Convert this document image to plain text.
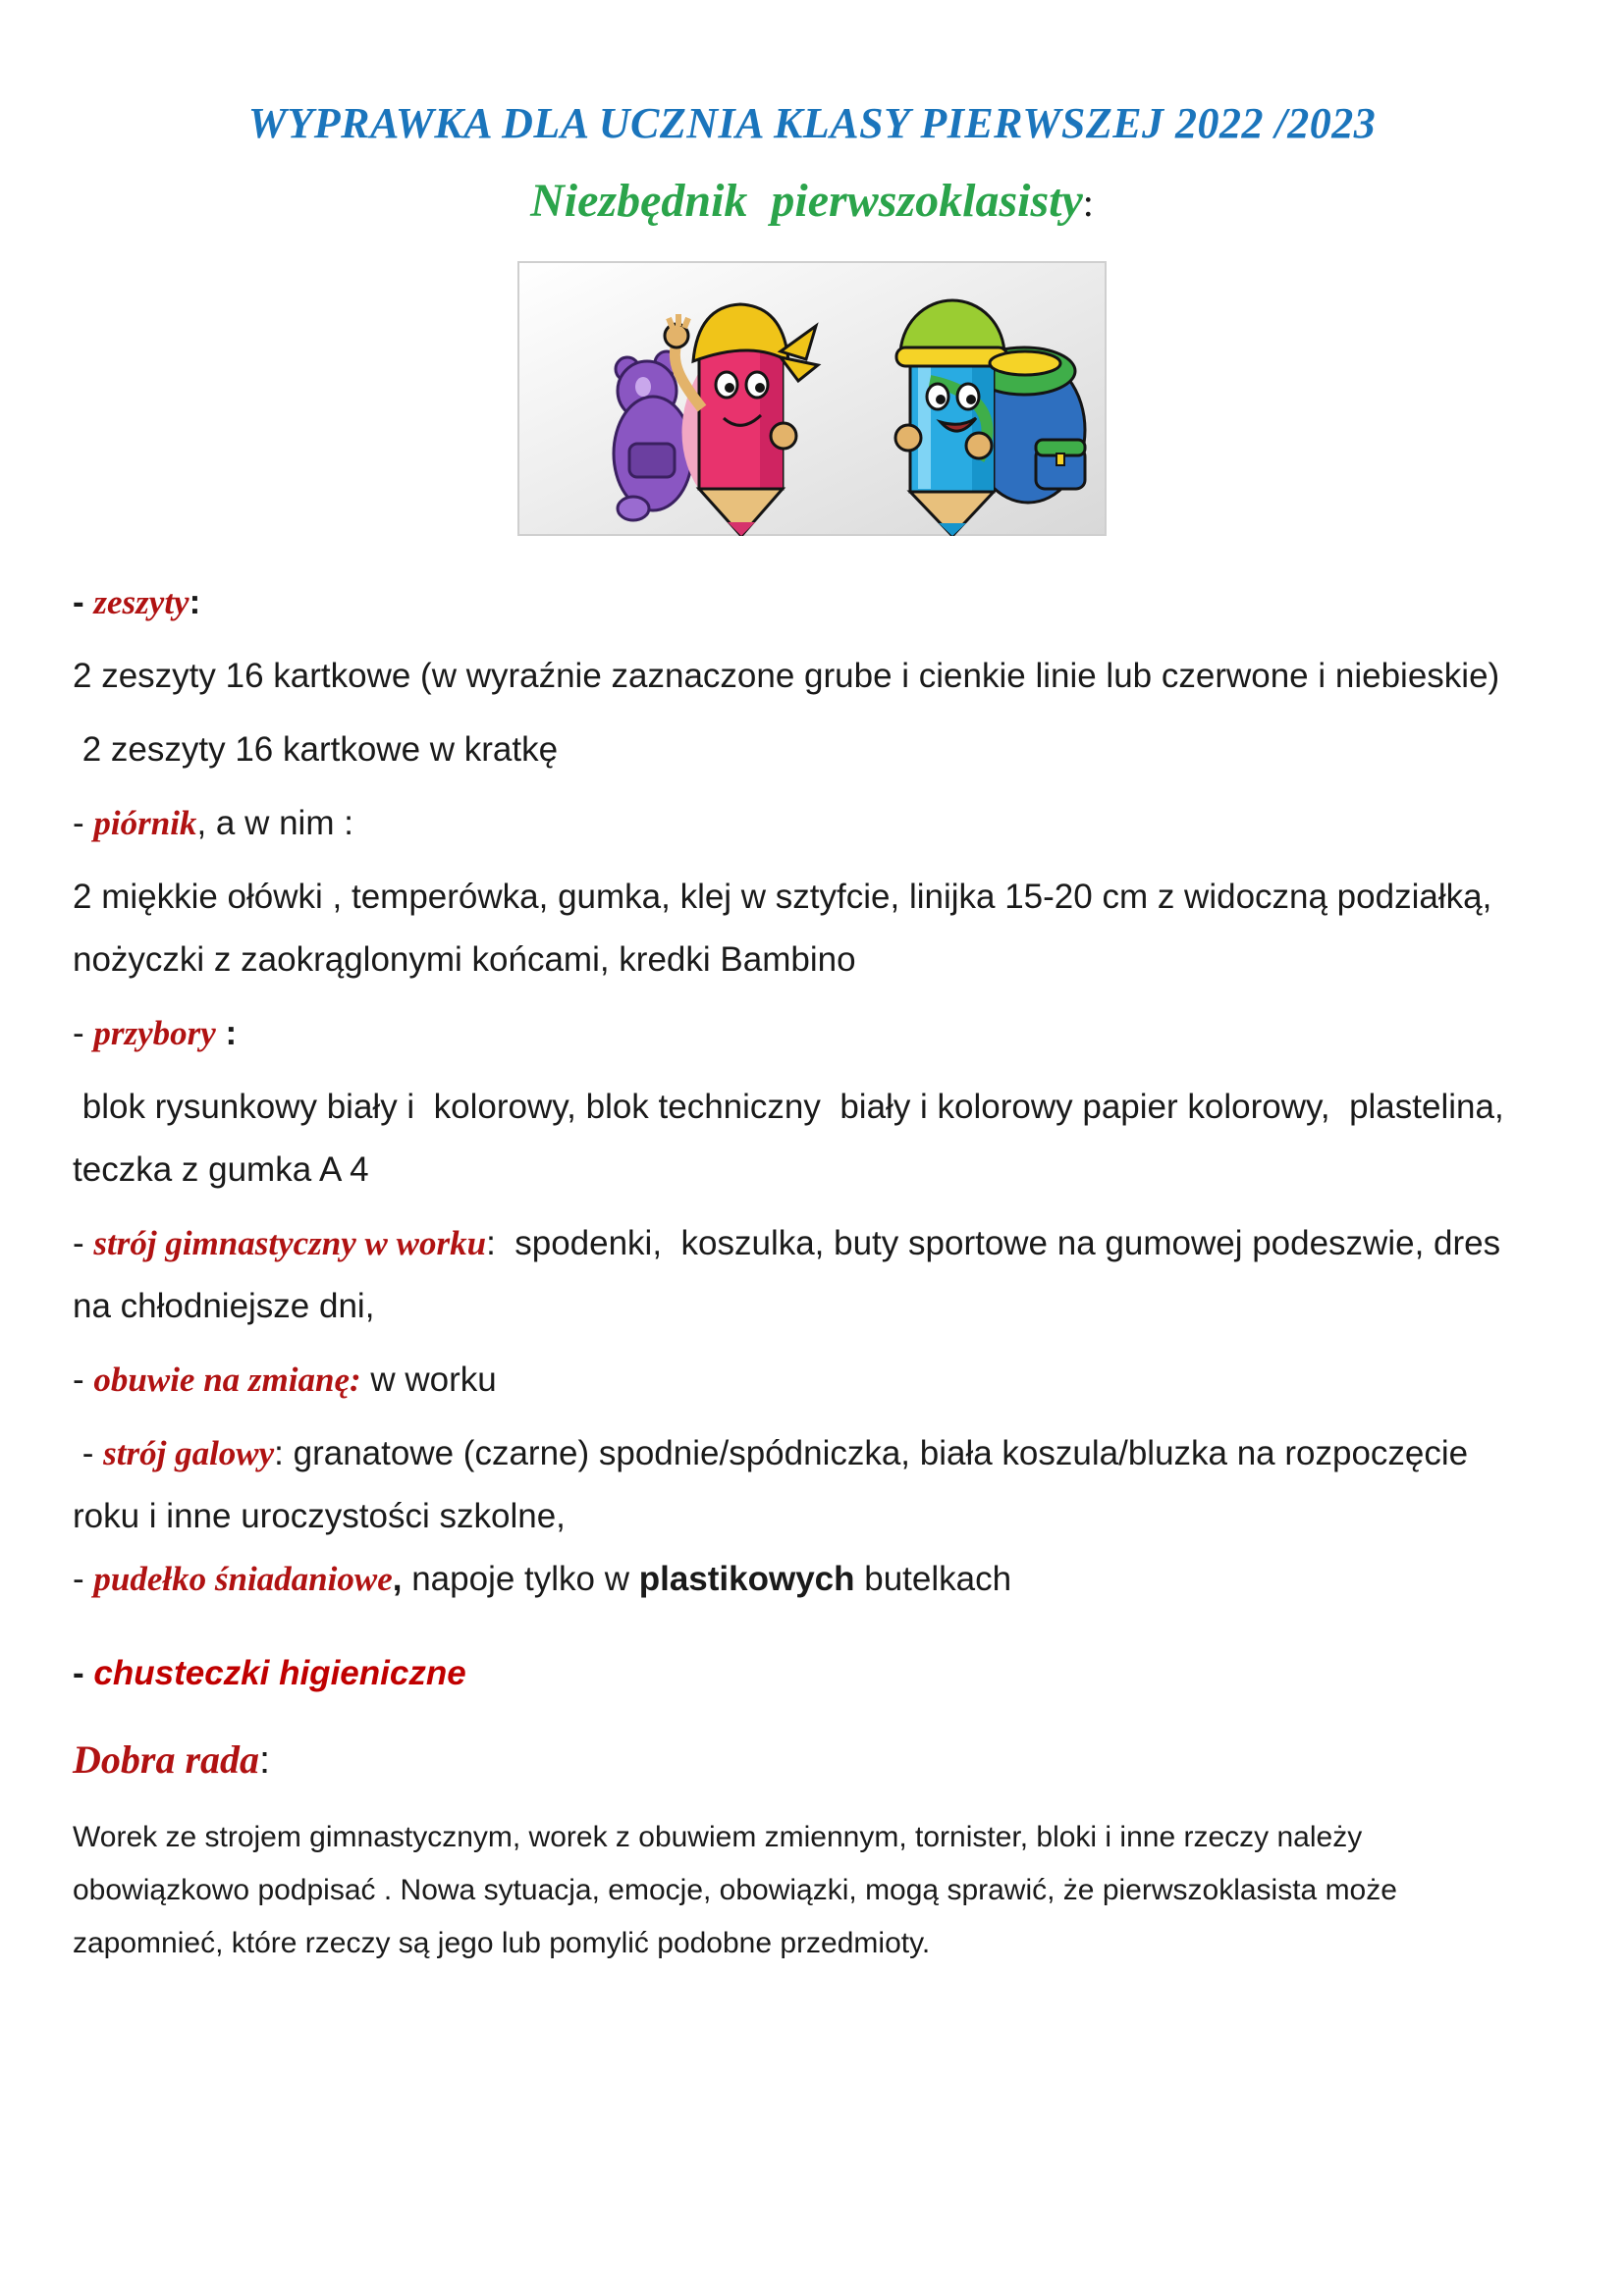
WYPRAWKA DLA UCZNIA KLASY PIERWSZEJ 2022 /2023
Niezbędnik  pierwszoklasisty:

- zeszyty:

2 zeszyty 16 kartkowe (w wyraźnie zaznaczone grube i cienkie linie lub czerwone i niebieskie)

2 zeszyty 16 kartkowe w kratkę

- piórnik, a w nim :

2 miękkie ołówki , temperówka, gumka, klej w sztyfcie, linijka 15-20 cm z widoczną podziałką, nożyczki z zaokrąglonymi końcami, kredki Bambino

- przybory :

blok rysunkowy biały i  kolorowy, blok techniczny  biały i kolorowy papier kolorowy,  plastelina, teczka z gumka A 4

- strój gimnastyczny w worku:  spodenki,  koszulka, buty sportowe na gumowej podeszwie, dres na chłodniejsze dni,

- obuwie na zmianę: w worku

- strój galowy: granatowe (czarne) spodnie/spódniczka, biała koszula/bluzka na rozpoczęcie roku i inne uroczystości szkolne,

- pudełko śniadaniowe, napoje tylko w plastikowych butelkach

- chusteczki higieniczne

Dobra rada:

Worek ze strojem gimnastycznym, worek z obuwiem zmiennym, tornister, bloki i inne rzeczy należy obowiązkowo podpisać . Nowa sytuacja, emocje, obowiązki, mogą sprawić, że pierwszoklasista może zapomnieć, które rzeczy są jego lub pomylić podobne przedmioty.
